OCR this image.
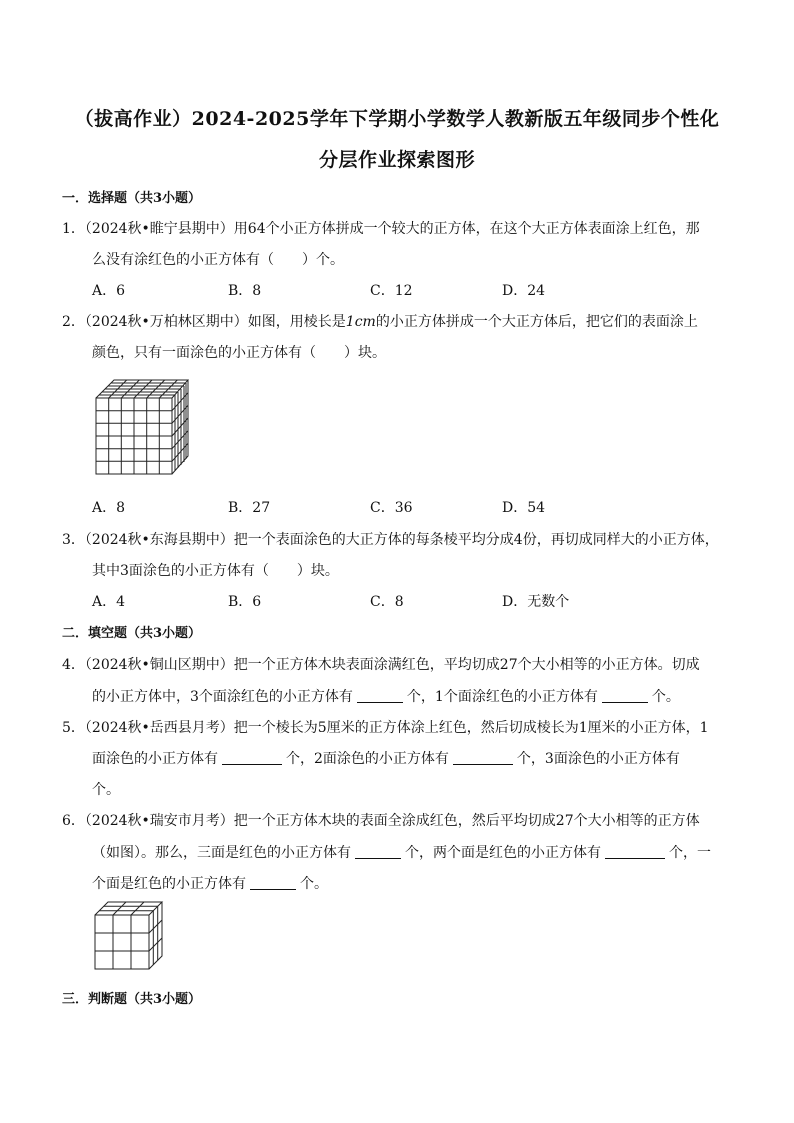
（拔高作业）2024-2025学年下学期小学数学人教新版五年级同步个性化
分层作业探索图形
一．选择题（共3小题）
1．（2024秋•睢宁县期中）用64个小正方体拼成一个较大的正方体，在这个大正方体表面涂上红色，那
么没有涂红色的小正方体有（　　）个。
A．6	B．8	C．12	D．24
2．（2024秋•万柏林区期中）如图，用棱长是1cm的小正方体拼成一个大正方体后，把它们的表面涂上
颜色，只有一面涂色的小正方体有（　　）块。
A．8	B．27	C．36	D．54
3．（2024秋•东海县期中）把一个表面涂色的大正方体的每条棱平均分成4份，再切成同样大的小正方体，
其中3面涂色的小正方体有（　　）块。
A．4	B．6	C．8	D．无数个
二．填空题（共3小题）
4．（2024秋•铜山区期中）把一个正方体木块表面涂满红色，平均切成27个大小相等的小正方体。切成
的小正方体中，3个面涂红色的小正方体有	个，1个面涂红色的小正方体有	个。
5．（2024秋•岳西县月考）把一个棱长为5厘米的正方体涂上红色，然后切成棱长为1厘米的小正方体，1
面涂色的小正方体有	个，2面涂色的小正方体有	个，3面涂色的小正方体有
个。
6．（2024秋•瑞安市月考）把一个正方体木块的表面全涂成红色，然后平均切成27个大小相等的正方体
（如图）。那么，三面是红色的小正方体有	个，两个面是红色的小正方体有	个，一
个面是红色的小正方体有	个。
三．判断题（共3小题）
